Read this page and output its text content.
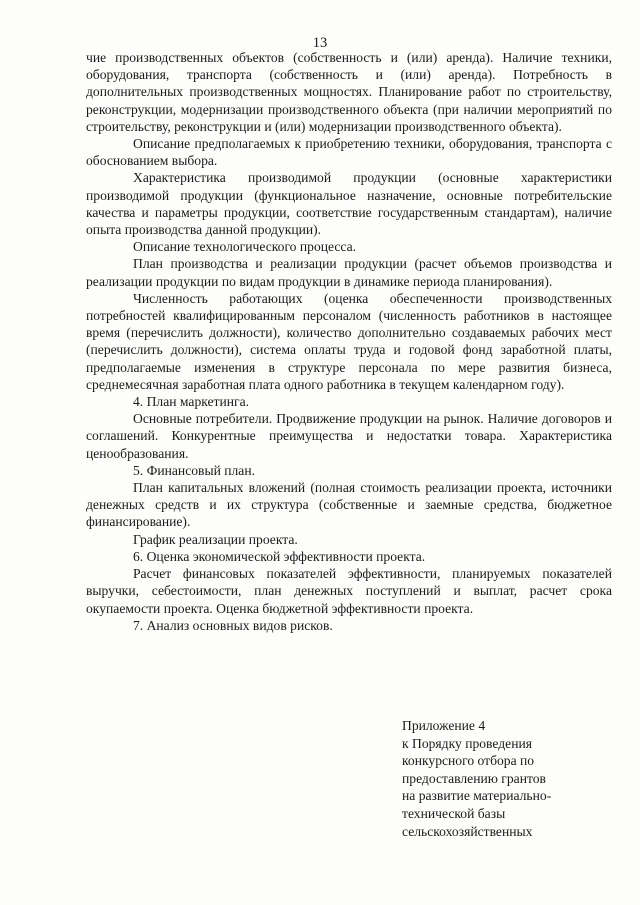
13

чие производственных объектов (собственность и (или) аренда). Наличие техники, оборудования, транспорта (собственность и (или) аренда). Потребность в дополнительных производственных мощностях. Планирование работ по строительству, реконструкции, модернизации производственного объекта (при наличии мероприятий по строительству, реконструкции и (или) модернизации производственного объекта).

Описание предполагаемых к приобретению техники, оборудования, транспорта с обоснованием выбора.

Характеристика производимой продукции (основные характеристики производимой продукции (функциональное назначение, основные потребительские качества и параметры продукции, соответствие государственным стандартам), наличие опыта производства данной продукции).

Описание технологического процесса.

План производства и реализации продукции (расчет объемов производства и реализации продукции по видам продукции в динамике периода планирования).

Численность работающих (оценка обеспеченности производственных потребностей квалифицированным персоналом (численность работников в настоящее время (перечислить должности), количество дополнительно создаваемых рабочих мест (перечислить должности), система оплаты труда и годовой фонд заработной платы, предполагаемые изменения в структуре персонала по мере развития бизнеса, среднемесячная заработная плата одного работника в текущем календарном году).

4. План маркетинга.

Основные потребители. Продвижение продукции на рынок. Наличие договоров и соглашений. Конкурентные преимущества и недостатки товара. Характеристика ценообразования.

5. Финансовый план.

План капитальных вложений (полная стоимость реализации проекта, источники денежных средств и их структура (собственные и заемные средства, бюджетное финансирование).

График реализации проекта.

6. Оценка экономической эффективности проекта.

Расчет финансовых показателей эффективности, планируемых показателей выручки, себестоимости, план денежных поступлений и выплат, расчет срока окупаемости проекта. Оценка бюджетной эффективности проекта.

7. Анализ основных видов рисков.

Приложение 4
к Порядку проведения
конкурсного отбора по
предоставлению грантов
на развитие материально-
технической базы
сельскохозяйственных
